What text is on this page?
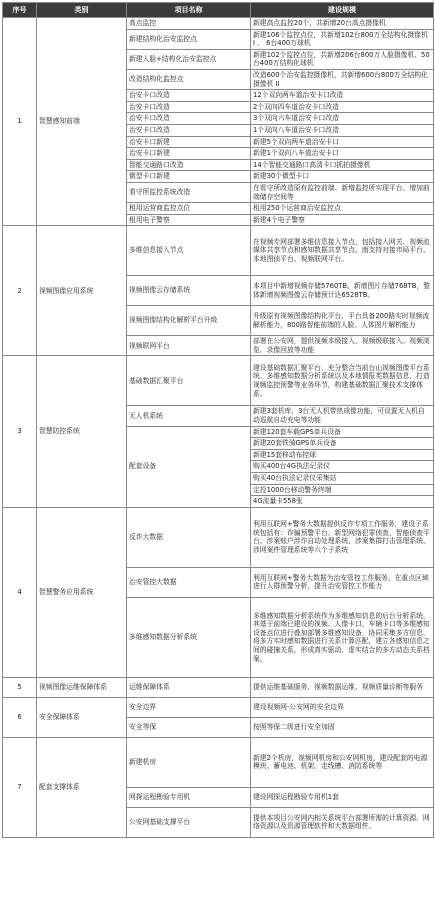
序号	类别	项目名称	建设规模
1	智慧感知前端	高点监控	新建高点监控20个，共新增20台高点摄像机
		新建结构化治安监控点	新建106个监控点位，共新增102台800万全结构化摄像机 I 、 6台400万球机
		新建人脸+结构化治安监控点	新建102个监控点位，共新增206台800万人脸摄像机、50台400万结构化球机
		改造结构化监控点	改造600个治安监控摄像机，共新增600台800万全结构化摄像机 II
		治安卡口改造	12个双向两车道治安卡口改造
		治安卡口改造	2个双向四车道治安卡口改造
		治安卡口改造	3个双向六车道治安卡口改造
		治安卡口改造	1个双向八车道治安卡口改造
		治安卡口新建	新建5个双向两车道治安卡口
		治安卡口新建	新建1个双向八车道治安卡口
		智能交通路口改造	14个智能交通路口高清卡口抓拍摄像机
		微型卡口新建	新建30个微型卡口
		看守所监控系统改造	在看守所改造原有监控前端、新增监控所实现平台、增加前端储存空间等
		租用运营商监控点位	租用250个运营商治安监控点
		租用电子警察	新建4个电子警察
2	视频图像应用系统	多维信息接入节点	在视频专网部署多维信息接入节点，包括接入网关、视频流媒体共享节点和感知数据共享节点。南支持对接市局平台、本地图侦平台、视频联网平台。
		视频图像云存储系统	本项目中新增视频存储5760TB。新增图片存储768TB，整体新增视频图像云存储预计达6528TB。
		视频图像结构化解析平台升级	升级原有视频图像结构化平台，平台具备200路实时视频流解析能力，800路智能前端的人脸、人体图片解析能力
		视频联网平台	部署在公安网，提供视频本级接入、视频级联接入、视频浏览、录像回放等功能
3	智慧防控系统	基础数据汇聚平台	建设基础数据汇聚平台，充分整合当前台山视频图像平台系统、多维感知数据分析系统以及本地情报类数据信息，打造视频监控预警等业务环节，构建基础数据汇聚技术支撑体系。
		无人机系统	新建3套机库，3台无人机带热成像功能，可设置无人机自动巡航自动充电等功能
		配套设备	新建120套车载GPS单兵设备
			新建20套铁骑GPS单兵设备
			新建15套移动布控球
			购买400台4G执法记录仪
			购买40台执法记录仪采集站
			定投1000台移动警务终端
			4G流量卡558张
4	智慧警务应用系统	反诈大数据	利用互联网+警务大数据提供反诈专项工作服务，建设子系统包括有：诈骗预警平台、新型网络犯罪侦查、智能侦查平台、涉案账户涉诈自动处理系统、涉案集群打击管理系统、涉网案件管理系统等六个子系统
		治安管控大数据	利用互联网+警务大数据为治安管控工作服务，在重点区域进行人群预警分析，提升治安管控工作能力
		多维感知数据分析系统	多维感知数据分析系统作为多维感知信息的后台分析系统，其基于前端已建设的视频、人像卡口、车辆卡口等多维感知设备点位进行叠加部署多维感知设备，协同采集多方信息，将多方实时感知数据进行关系计算匹配，建立各感知信息之间的碰撞关系，形成真实驱动，虚实结合的多方动态关系档案。
5	视频图像运维保障体系	运维保障体系	提供运维基础服务、视频数据运维、视频质量诊断等服务
6	安全保障体系	安全边界	建设视频网-公安网的安全边界
		安全等保	按照等保二级进行安全加固
7	配套支撑体系	新建机房	新建2个机房，视频网机房和公安网机房，建设配套的电源模块、蓄电池、机架、走线槽、消防系统等
		网探运程勘验专用机	建设网探运程勘验专用机1套
		公安网基础支撑平台	提供本项目公安网内相关系统平台部署所需的计算资源、网络资源以及资源管理软件和大数据组件。
